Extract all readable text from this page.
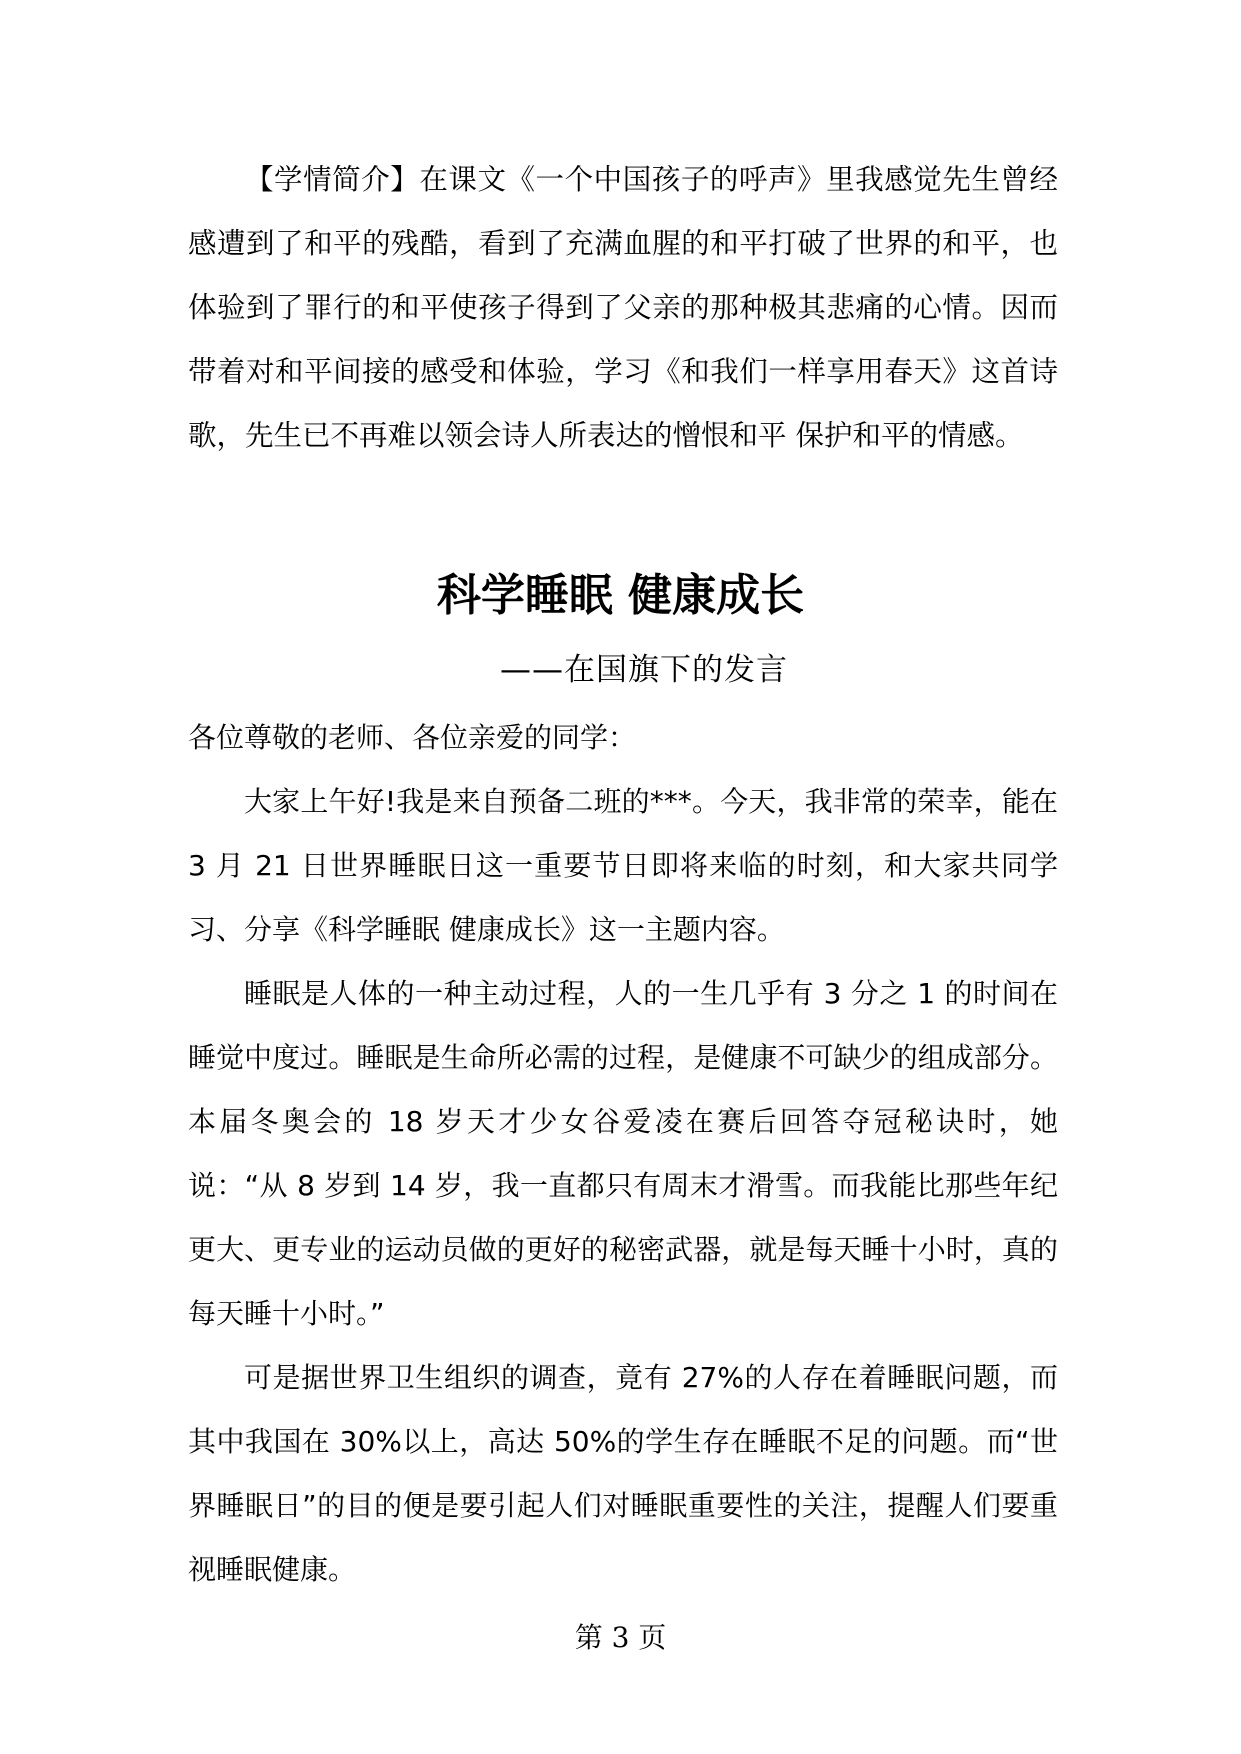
【学情简介】在课文《一个中国孩子的呼声》里我感觉先生曾经感遭到了和平的残酷，看到了充满血腥的和平打破了世界的和平，也体验到了罪行的和平使孩子得到了父亲的那种极其悲痛的心情。因而带着对和平间接的感受和体验，学习《和我们一样享用春天》这首诗歌，先生已不再难以领会诗人所表达的憎恨和平 保护和平的情感。

科学睡眠 健康成长

——在国旗下的发言

各位尊敬的老师、各位亲爱的同学：

大家上午好!我是来自预备二班的***。今天，我非常的荣幸，能在 3 月 21 日世界睡眠日这一重要节日即将来临的时刻，和大家共同学习、分享《科学睡眠 健康成长》这一主题内容。

睡眠是人体的一种主动过程，人的一生几乎有 3 分之 1 的时间在睡觉中度过。睡眠是生命所必需的过程，是健康不可缺少的组成部分。本届冬奥会的 18 岁天才少女谷爱凌在赛后回答夺冠秘诀时，她说：“从 8 岁到 14 岁，我一直都只有周末才滑雪。而我能比那些年纪更大、更专业的运动员做的更好的秘密武器，就是每天睡十小时，真的每天睡十小时。”

可是据世界卫生组织的调查，竟有 27%的人存在着睡眠问题，而其中我国在 30%以上，高达 50%的学生存在睡眠不足的问题。而“世界睡眠日”的目的便是要引起人们对睡眠重要性的关注，提醒人们要重视睡眠健康。

第 3 页
